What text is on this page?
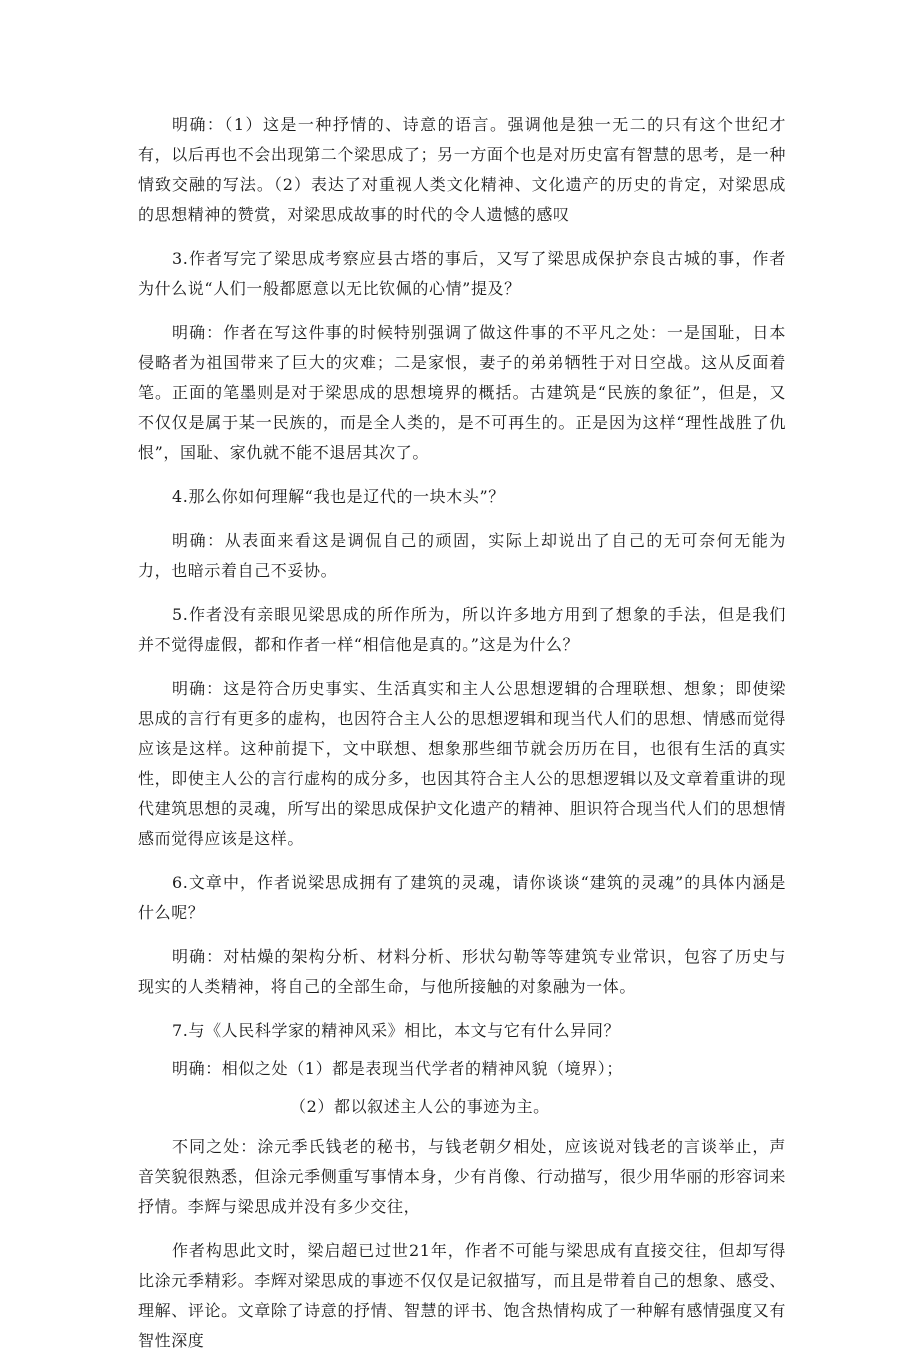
明确：（1）这是一种抒情的、诗意的语言。强调他是独一无二的只有这个世纪才有，以后再也不会出现第二个梁思成了；另一方面个也是对历史富有智慧的思考，是一种情致交融的写法。（2）表达了对重视人类文化精神、文化遗产的历史的肯定，对梁思成的思想精神的赞赏，对梁思成故事的时代的令人遗憾的感叹

3.作者写完了梁思成考察应县古塔的事后，又写了梁思成保护奈良古城的事，作者为什么说“人们一般都愿意以无比钦佩的心情”提及？

明确：作者在写这件事的时候特别强调了做这件事的不平凡之处：一是国耻，日本侵略者为祖国带来了巨大的灾难；二是家恨，妻子的弟弟牺牲于对日空战。这从反面着笔。正面的笔墨则是对于梁思成的思想境界的概括。古建筑是“民族的象征”，但是，又不仅仅是属于某一民族的，而是全人类的，是不可再生的。正是因为这样“理性战胜了仇恨”，国耻、家仇就不能不退居其次了。

4.那么你如何理解“我也是辽代的一块木头”？

明确：从表面来看这是调侃自己的顽固，实际上却说出了自己的无可奈何无能为力，也暗示着自己不妥协。

5.作者没有亲眼见梁思成的所作所为，所以许多地方用到了想象的手法，但是我们并不觉得虚假，都和作者一样“相信他是真的。”这是为什么？

明确：这是符合历史事实、生活真实和主人公思想逻辑的合理联想、想象；即使梁思成的言行有更多的虚构，也因符合主人公的思想逻辑和现当代人们的思想、情感而觉得应该是这样。这种前提下，文中联想、想象那些细节就会历历在目，也很有生活的真实性，即使主人公的言行虚构的成分多，也因其符合主人公的思想逻辑以及文章着重讲的现代建筑思想的灵魂，所写出的梁思成保护文化遗产的精神、胆识符合现当代人们的思想情感而觉得应该是这样。

6.文章中，作者说梁思成拥有了建筑的灵魂，请你谈谈“建筑的灵魂”的具体内涵是什么呢？

明确：对枯燥的架构分析、材料分析、形状勾勒等等建筑专业常识，包容了历史与现实的人类精神，将自己的全部生命，与他所接触的对象融为一体。

7.与《人民科学家的精神风采》相比，本文与它有什么异同？

明确：相似之处（1）都是表现当代学者的精神风貌（境界）；

（2）都以叙述主人公的事迹为主。

不同之处：涂元季氏钱老的秘书，与钱老朝夕相处，应该说对钱老的言谈举止，声音笑貌很熟悉，但涂元季侧重写事情本身，少有肖像、行动描写，很少用华丽的形容词来抒情。李辉与梁思成并没有多少交往，

作者构思此文时，梁启超已过世21年，作者不可能与梁思成有直接交往，但却写得比涂元季精彩。李辉对梁思成的事迹不仅仅是记叙描写，而且是带着自己的想象、感受、理解、评论。文章除了诗意的抒情、智慧的评书、饱含热情构成了一种解有感情强度又有智性深度
